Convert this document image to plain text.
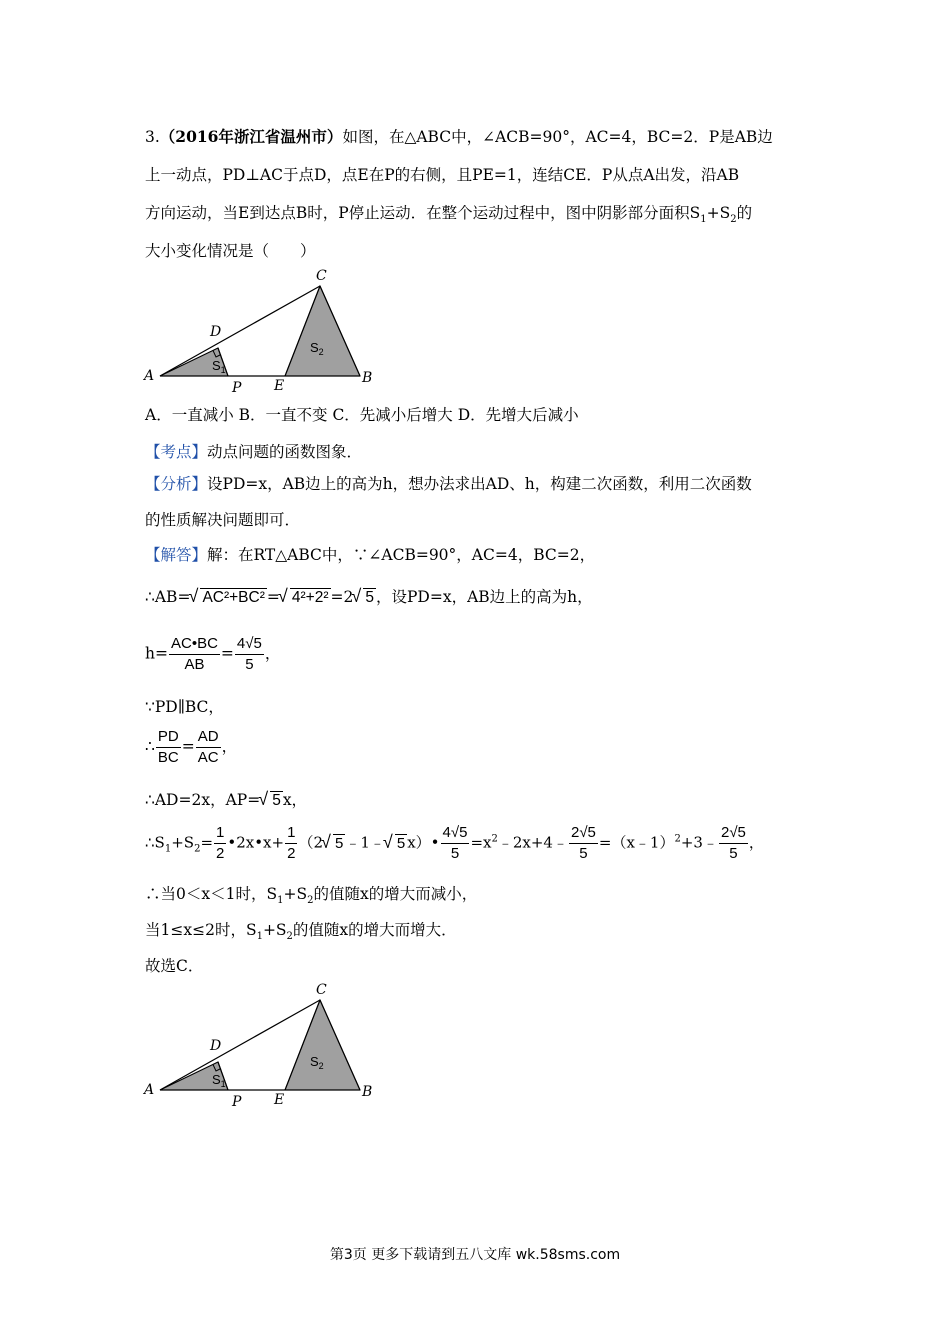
3.（2016年浙江省温州市）如图，在△ABC中，∠ACB=90°，AC=4，BC=2．P是AB边
上一动点，PD⊥AC于点D，点E在P的右侧，且PE=1，连结CE．P从点A出发，沿AB
方向运动，当E到达点B时，P停止运动．在整个运动过程中，图中阴影部分面积$S_1+S_2$的
大小变化情况是（　　）
A	B
C
D
P E
$S_1$
$S_2$
A．一直减小 B．一直不变 C．先减小后增大 D．先增大后减小
【考点】动点问题的函数图象．
【分析】设PD=x，AB边上的高为h，想办法求出AD、h，构建二次函数，利用二次函数
的性质解决问题即可．
【解答】解：在RT△ABC中，∵∠ACB=90°，AC=4，BC=2，
∴AB=√ AC²+BC² =√ 4²+2² =2√ 5 ，设PD=x，AB边上的高为h，
$h= \frac{AC•BC}{AB} = \frac{4√5}{5}$ ，
∵PD∥BC，
∴ $\frac{PD}{BC} = \frac{AD}{AC}$ ，
∴AD=2x，AP=√ 5 x，
$\therefore S_1+S_2= \frac{1}{2}$ •2x•x+ $\frac{1}{2} (2√$ 5 ﹣1﹣√ 5 x）• $\frac{4√5}{5}$ $=x^2﹣2x+4﹣ \frac{2√5}{5}$ =（x﹣1）$^2$+3﹣ $\frac{2√5}{5}$ ，
∴当0＜x＜1时，$S_1+S_2$的值随x的增大而减小，
当1≤x≤2时，$S_1+S_2$的值随x的增大而增大．
故选C．
A	B
C
D
P E
$S_1$
$S_2$
第3页 更多下载请到五八文库 wk.58sms.com
